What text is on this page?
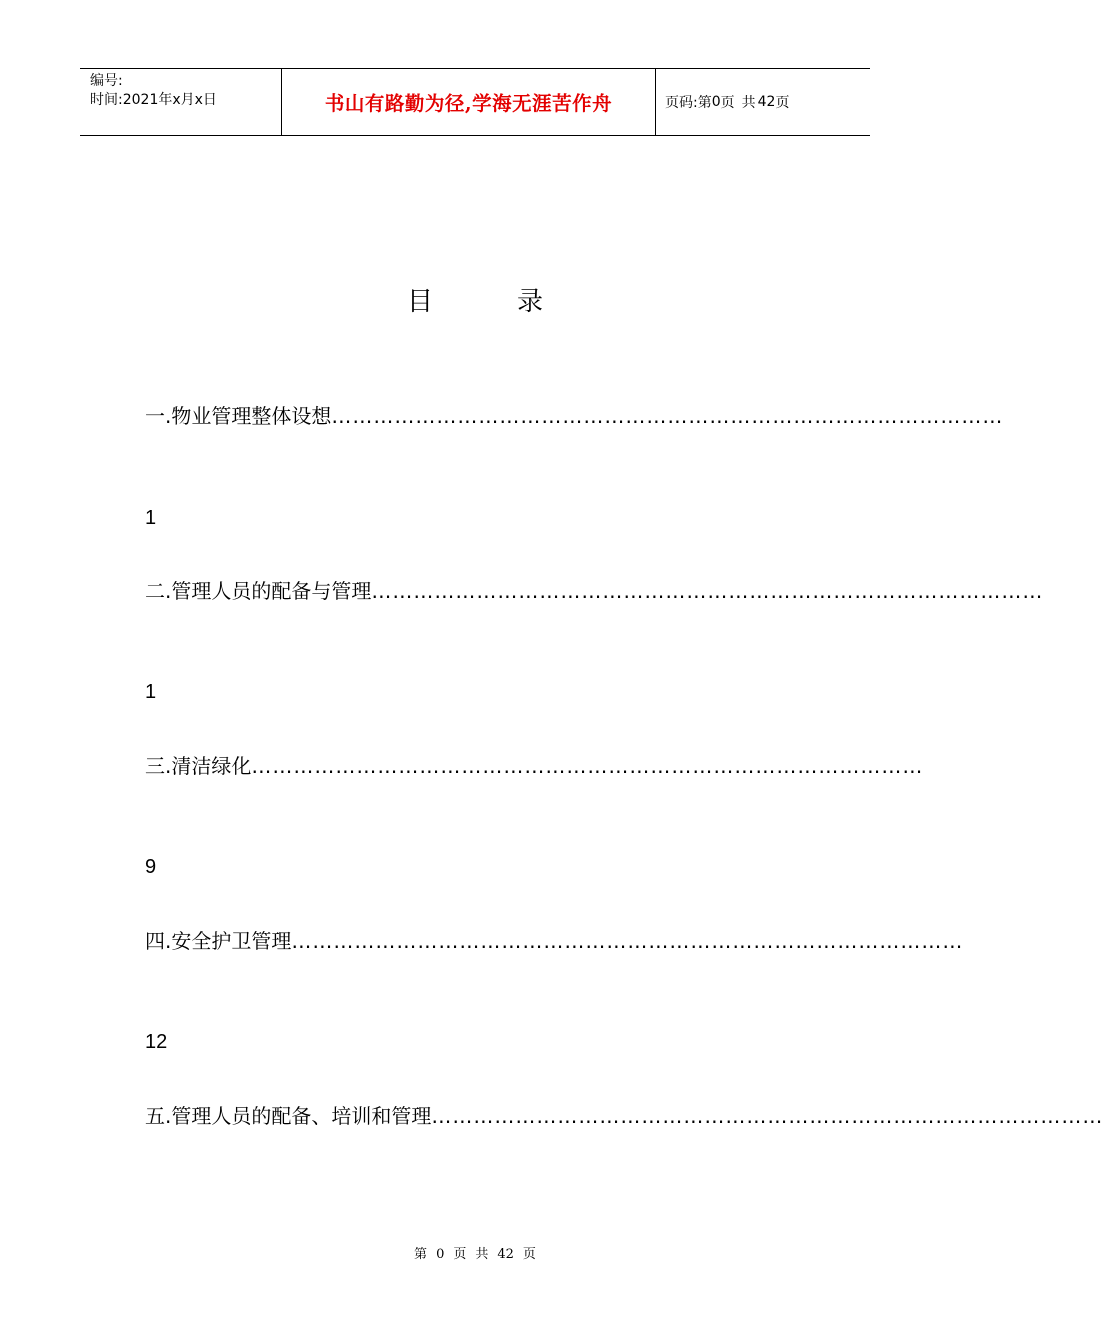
编号:
时间:2021年x月x日	书山有路勤为径,学海无涯苦作舟	页码:第 0 页 共 42 页
目	录
一.物业管理整体设想……………………………………………………………………………………
1
二.管理人员的配备与管理……………………………………………………………………………………
1
三.清洁绿化……………………………………………………………………………………
9
四.安全护卫管理……………………………………………………………………………………
12
五.管理人员的配备、培训和管理……………………………………………………………………………………
第 0 页 共 42 页
